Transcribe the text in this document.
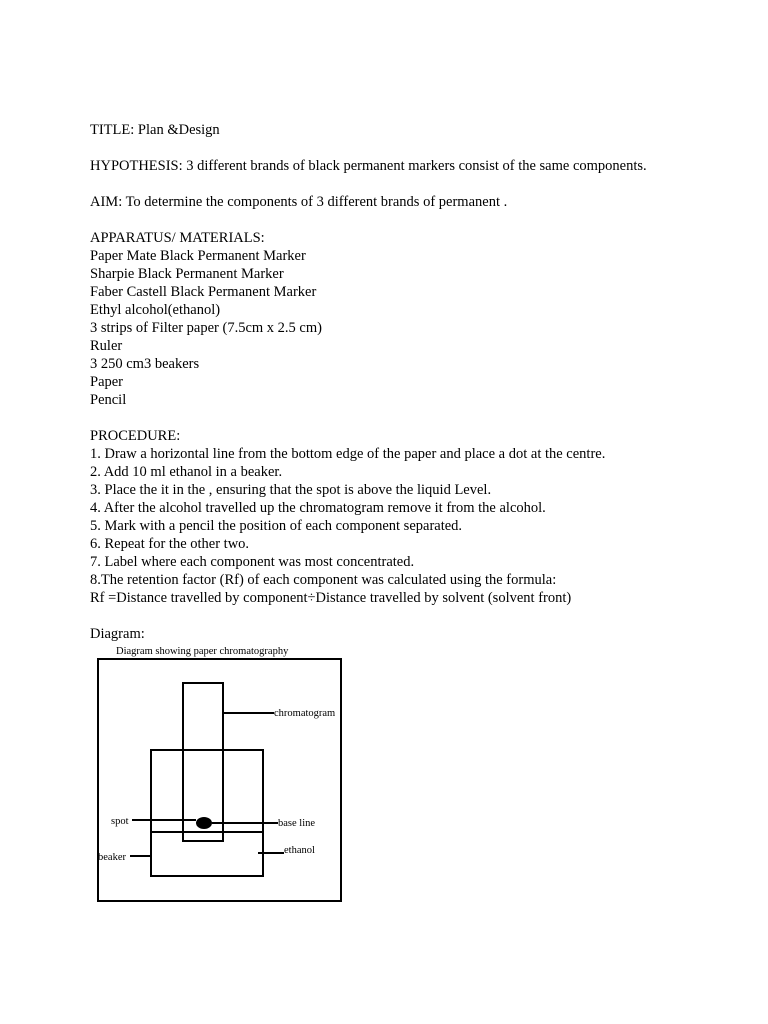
TITLE: Plan &Design
HYPOTHESIS: 3 different brands of black permanent markers consist of the same components.
AIM: To determine the components of 3 different brands of permanent .
APPARATUS/ MATERIALS:
Paper Mate Black Permanent Marker
Sharpie Black Permanent Marker
Faber Castell Black Permanent Marker
Ethyl alcohol(ethanol)
3 strips of Filter paper (7.5cm x 2.5 cm)
Ruler
3 250 cm3 beakers
Paper
Pencil
PROCEDURE:
1. Draw a horizontal line from the bottom edge of the paper and place a dot at the centre.
2. Add 10 ml ethanol in a beaker.
3. Place the it in the , ensuring that the spot is above the liquid Level.
4. After the alcohol travelled up the chromatogram remove it from the alcohol.
5. Mark with a pencil the position of each component separated.
6. Repeat for the other two.
7. Label where each component was most concentrated.
8.The retention factor (Rf) of each component was calculated using the formula:
Rf =Distance travelled by component÷Distance travelled by solvent (solvent front)
Diagram:
Diagram showing paper chromatography
chromatogram
spot	base line
ethanol
beaker
